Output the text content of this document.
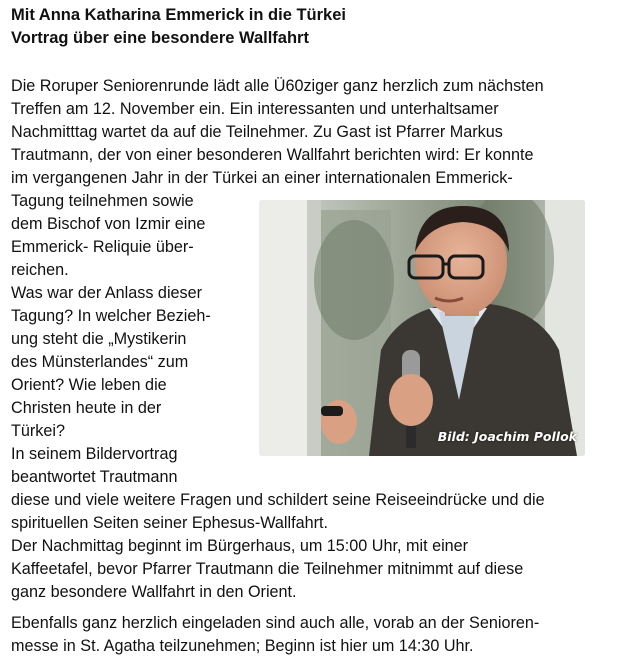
Mit Anna Katharina Emmerick in die Türkei
Vortrag über eine besondere Wallfahrt
Die Roruper Seniorenrunde lädt alle Ü60ziger ganz herzlich zum nächsten
Treffen am 12. November ein. Ein interessanten und unterhaltsamer
Nachmitttag wartet da auf die Teilnehmer. Zu Gast ist Pfarrer Markus
Trautmann, der von einer besonderen Wallfahrt berichten wird: Er konnte
im vergangenen Jahr in der Türkei an einer internationalen Emmerick-
Tagung teilnehmen sowie
dem Bischof von Izmir eine
Emmerick- Reliquie über-
reichen.
Was war der Anlass dieser
Tagung? In welcher Bezieh-
ung steht die „Mystikerin
des Münsterlandes“ zum
Orient? Wie leben die
Christen heute in der
Türkei?
In seinem Bildervortrag
beantwortet Trautmann
diese und viele weitere Fragen und schildert seine Reiseeindrücke und die
spirituellen Seiten seiner Ephesus-Wallfahrt.
Der Nachmittag beginnt im Bürgerhaus, um 15:00 Uhr, mit einer
Kaffeetafel, bevor Pfarrer Trautmann die Teilnehmer mitnimmt auf diese
ganz besondere Wallfahrt in den Orient.
Ebenfalls ganz herzlich eingeladen sind auch alle, vorab an der Senioren-
messe in St. Agatha teilzunehmen; Beginn ist hier um 14:30 Uhr.
Bild: Joachim Pollok
